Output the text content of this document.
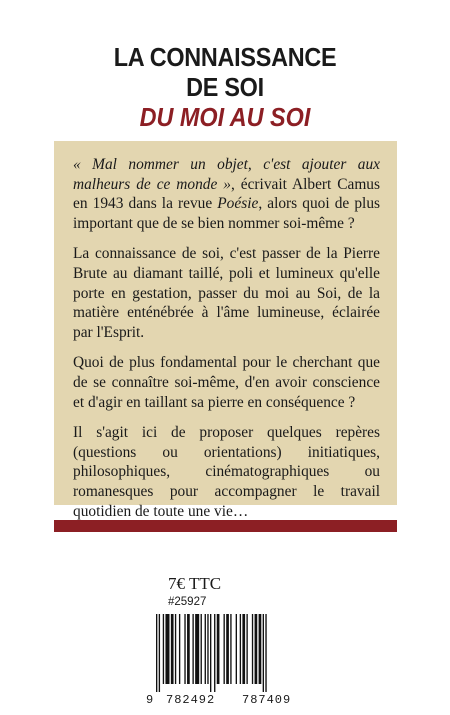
LA CONNAISSANCE
DE SOI
DU MOI AU SOI

« Mal nommer un objet, c'est ajouter aux malheurs de ce monde », écrivait Albert Camus en 1943 dans la revue Poésie, alors quoi de plus important que de se bien nommer soi-même ?

La connaissance de soi, c'est passer de la Pierre Brute au diamant taillé, poli et lumineux qu'elle porte en gestation, passer du moi au Soi, de la matière enténébrée à l'âme lumineuse, éclairée par l'Esprit.

Quoi de plus fondamental pour le cherchant que de se connaître soi-même, d'en avoir conscience et d'agir en taillant sa pierre en conséquence ?

Il s'agit ici de proposer quelques repères (questions ou orientations) initiatiques, philosophiques, cinématographiques ou romanesques pour accompagner le travail quotidien de toute une vie…

7€ TTC
#25927
9 782492 787409
